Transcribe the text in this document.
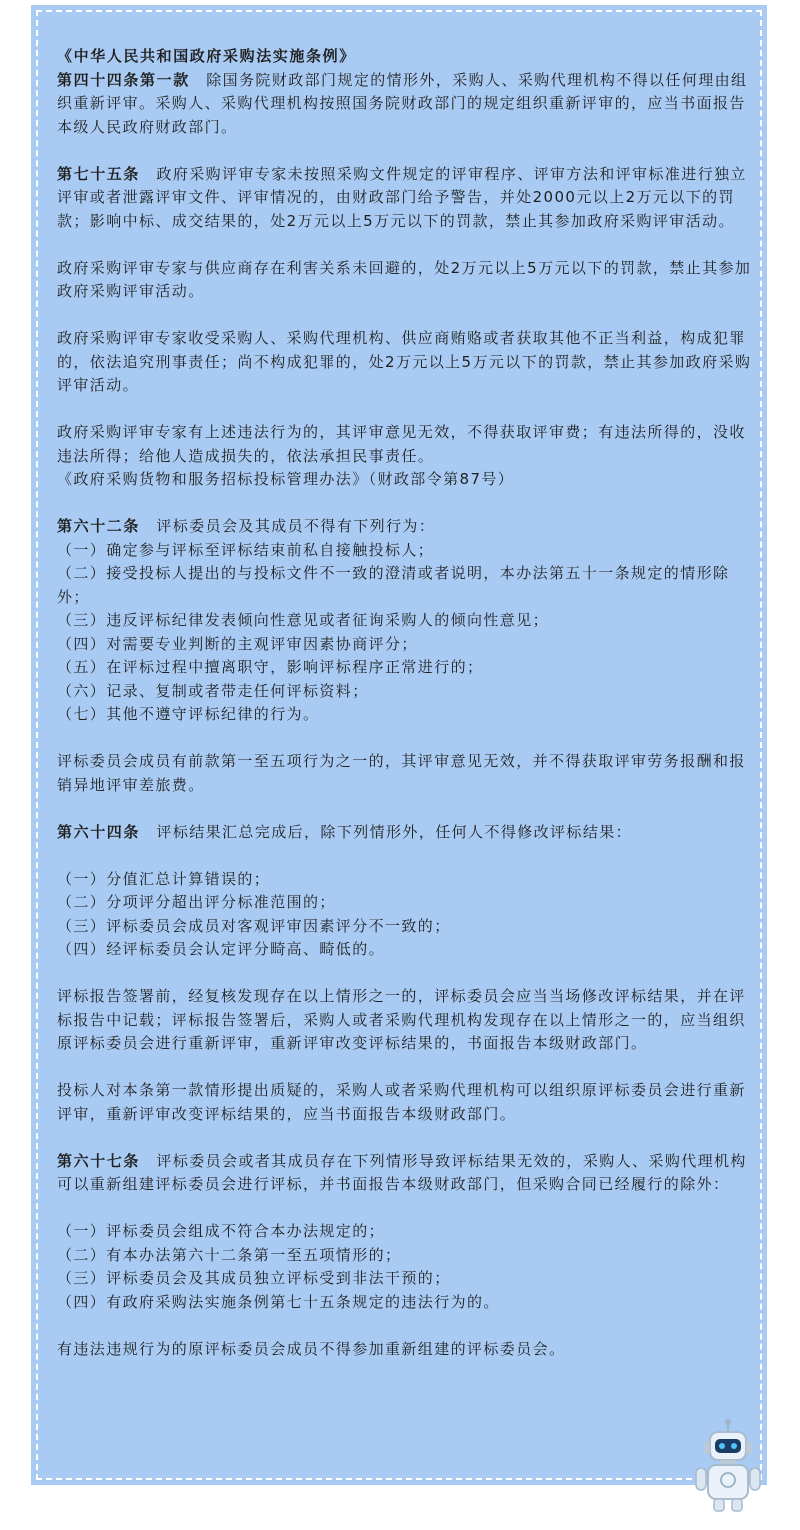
《中华人民共和国政府采购法实施条例》

第四十四条第一款　 除国务院财政部门规定的情形外，采购人、采购代理机构不得以任何理由组织重新评审。采购人、采购代理机构按照国务院财政部门的规定组织重新评审的，应当书面报告本级人民政府财政部门。

第七十五条　 政府采购评审专家未按照采购文件规定的评审程序、评审方法和评审标准进行独立评审或者泄露评审文件、评审情况的，由财政部门给予警告，并处2000元以上2万元以下的罚款；影响中标、成交结果的，处2万元以上5万元以下的罚款，禁止其参加政府采购评审活动。

政府采购评审专家与供应商存在利害关系未回避的，处2万元以上5万元以下的罚款，禁止其参加政府采购评审活动。

政府采购评审专家收受采购人、采购代理机构、供应商贿赂或者获取其他不正当利益，构成犯罪的，依法追究刑事责任；尚不构成犯罪的，处2万元以上5万元以下的罚款，禁止其参加政府采购评审活动。

政府采购评审专家有上述违法行为的，其评审意见无效，不得获取评审费；有违法所得的，没收违法所得；给他人造成损失的，依法承担民事责任。

《政府采购货物和服务招标投标管理办法》（财政部令第87号）

第六十二条　 评标委员会及其成员不得有下列行为：

（一）确定参与评标至评标结束前私自接触投标人；

（二）接受投标人提出的与投标文件不一致的澄清或者说明，本办法第五十一条规定的情形除外；

（三）违反评标纪律发表倾向性意见或者征询采购人的倾向性意见；

（四）对需要专业判断的主观评审因素协商评分；

（五）在评标过程中擅离职守，影响评标程序正常进行的；

（六）记录、复制或者带走任何评标资料；

（七）其他不遵守评标纪律的行为。

评标委员会成员有前款第一至五项行为之一的，其评审意见无效，并不得获取评审劳务报酬和报销异地评审差旅费。

第六十四条　 评标结果汇总完成后，除下列情形外，任何人不得修改评标结果：

（一）分值汇总计算错误的；

（二）分项评分超出评分标准范围的；

（三）评标委员会成员对客观评审因素评分不一致的；

（四）经评标委员会认定评分畸高、畸低的。

评标报告签署前，经复核发现存在以上情形之一的，评标委员会应当当场修改评标结果，并在评标报告中记载；评标报告签署后，采购人或者采购代理机构发现存在以上情形之一的，应当组织原评标委员会进行重新评审，重新评审改变评标结果的，书面报告本级财政部门。

投标人对本条第一款情形提出质疑的，采购人或者采购代理机构可以组织原评标委员会进行重新评审，重新评审改变评标结果的，应当书面报告本级财政部门。

第六十七条　 评标委员会或者其成员存在下列情形导致评标结果无效的，采购人、采购代理机构可以重新组建评标委员会进行评标，并书面报告本级财政部门，但采购合同已经履行的除外：

（一）评标委员会组成不符合本办法规定的；

（二）有本办法第六十二条第一至五项情形的；

（三）评标委员会及其成员独立评标受到非法干预的；

（四）有政府采购法实施条例第七十五条规定的违法行为的。

有违法违规行为的原评标委员会成员不得参加重新组建的评标委员会。
